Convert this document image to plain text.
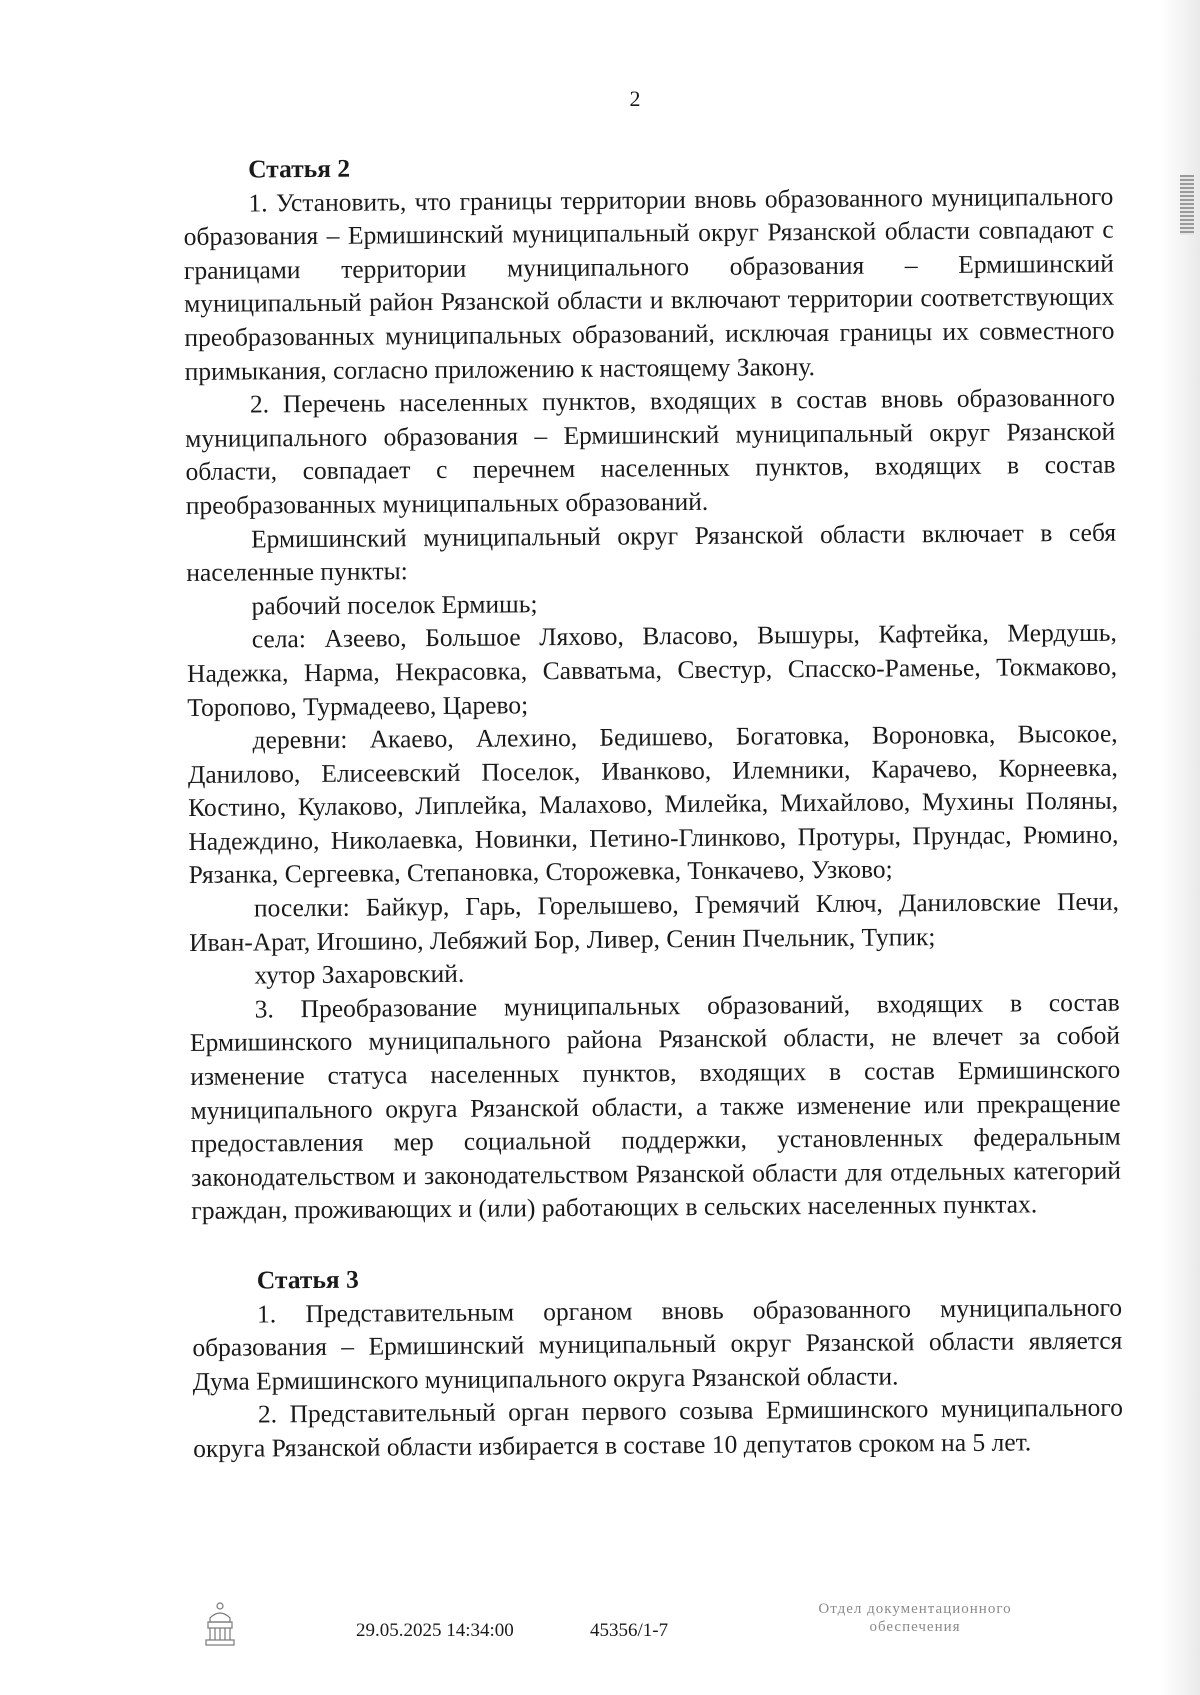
2
Статья 2

1. Установить, что границы территории вновь образованного муниципального образования – Ермишинский муниципальный округ Рязанской области совпадают с границами территории муниципального образования – Ермишинский муниципальный район Рязанской области и включают территории соответствующих преобразованных муниципальных образований, исключая границы их совместного примыкания, согласно приложению к настоящему Закону.

2. Перечень населенных пунктов, входящих в состав вновь образованного муниципального образования – Ермишинский муниципальный округ Рязанской области, совпадает с перечнем населенных пунктов, входящих в состав преобразованных муниципальных образований.

Ермишинский муниципальный округ Рязанской области включает в себя населенные пункты:

рабочий поселок Ермишь;

села: Азеево, Большое Ляхово, Власово, Вышуры, Кафтейка, Мердушь, Надежка, Нарма, Некрасовка, Савватьма, Свестур, Спасско-Раменье, Токмаково, Торопово, Турмадеево, Царево;

деревни: Акаево, Алехино, Бедишево, Богатовка, Вороновка, Высокое, Данилово, Елисеевский Поселок, Иванково, Илемники, Карачево, Корнеевка, Костино, Кулаково, Липлейка, Малахово, Милейка, Михайлово, Мухины Поляны, Надеждино, Николаевка, Новинки, Петино-Глинково, Протуры, Прундас, Рюмино, Рязанка, Сергеевка, Степановка, Сторожевка, Тонкачево, Узково;

поселки: Байкур, Гарь, Горелышево, Гремячий Ключ, Даниловские Печи, Иван-Арат, Игошино, Лебяжий Бор, Ливер, Сенин Пчельник, Тупик;

хутор Захаровский.

3. Преобразование муниципальных образований, входящих в состав Ермишинского муниципального района Рязанской области, не влечет за собой изменение статуса населенных пунктов, входящих в состав Ермишинского муниципального округа Рязанской области, а также изменение или прекращение предоставления мер социальной поддержки, установленных федеральным законодательством и законодательством Рязанской области для отдельных категорий граждан, проживающих и (или) работающих в сельских населенных пунктах.

Статья 3

1. Представительным органом вновь образованного муниципального образования – Ермишинский муниципальный округ Рязанской области является Дума Ермишинского муниципального округа Рязанской области.

2. Представительный орган первого созыва Ермишинского муниципального округа Рязанской области избирается в составе 10 депутатов сроком на 5 лет.

29.05.2025 14:34:00	45356/1-7
Отдел документационного
обеспечения
